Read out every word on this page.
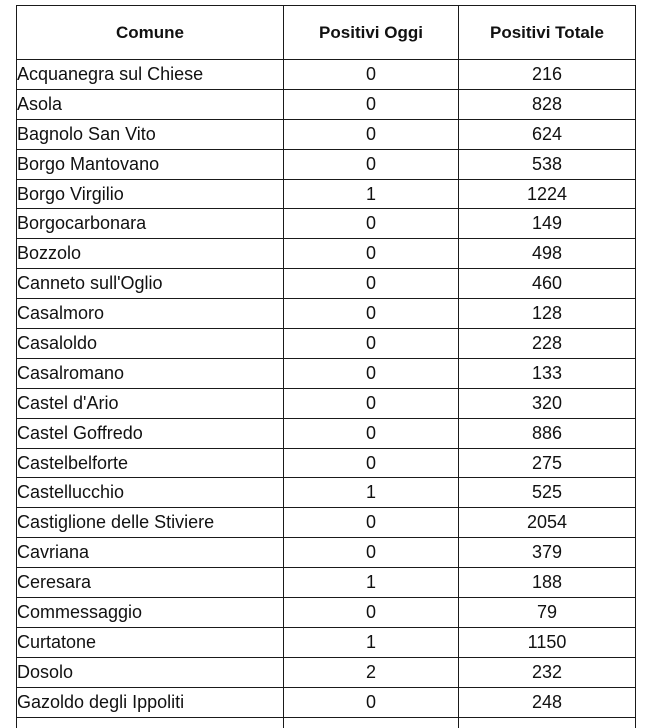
Comune	Positivi Oggi	Positivi Totale
Acquanegra sul Chiese	0	216
Asola	0	828
Bagnolo San Vito	0	624
Borgo Mantovano	0	538
Borgo Virgilio	1	1224
Borgocarbonara	0	149
Bozzolo	0	498
Canneto sull'Oglio	0	460
Casalmoro	0	128
Casaloldo	0	228
Casalromano	0	133
Castel d'Ario	0	320
Castel Goffredo	0	886
Castelbelforte	0	275
Castellucchio	1	525
Castiglione delle Stiviere	0	2054
Cavriana	0	379
Ceresara	1	188
Commessaggio	0	79
Curtatone	1	1150
Dosolo	2	232
Gazoldo degli Ippoliti	0	248
